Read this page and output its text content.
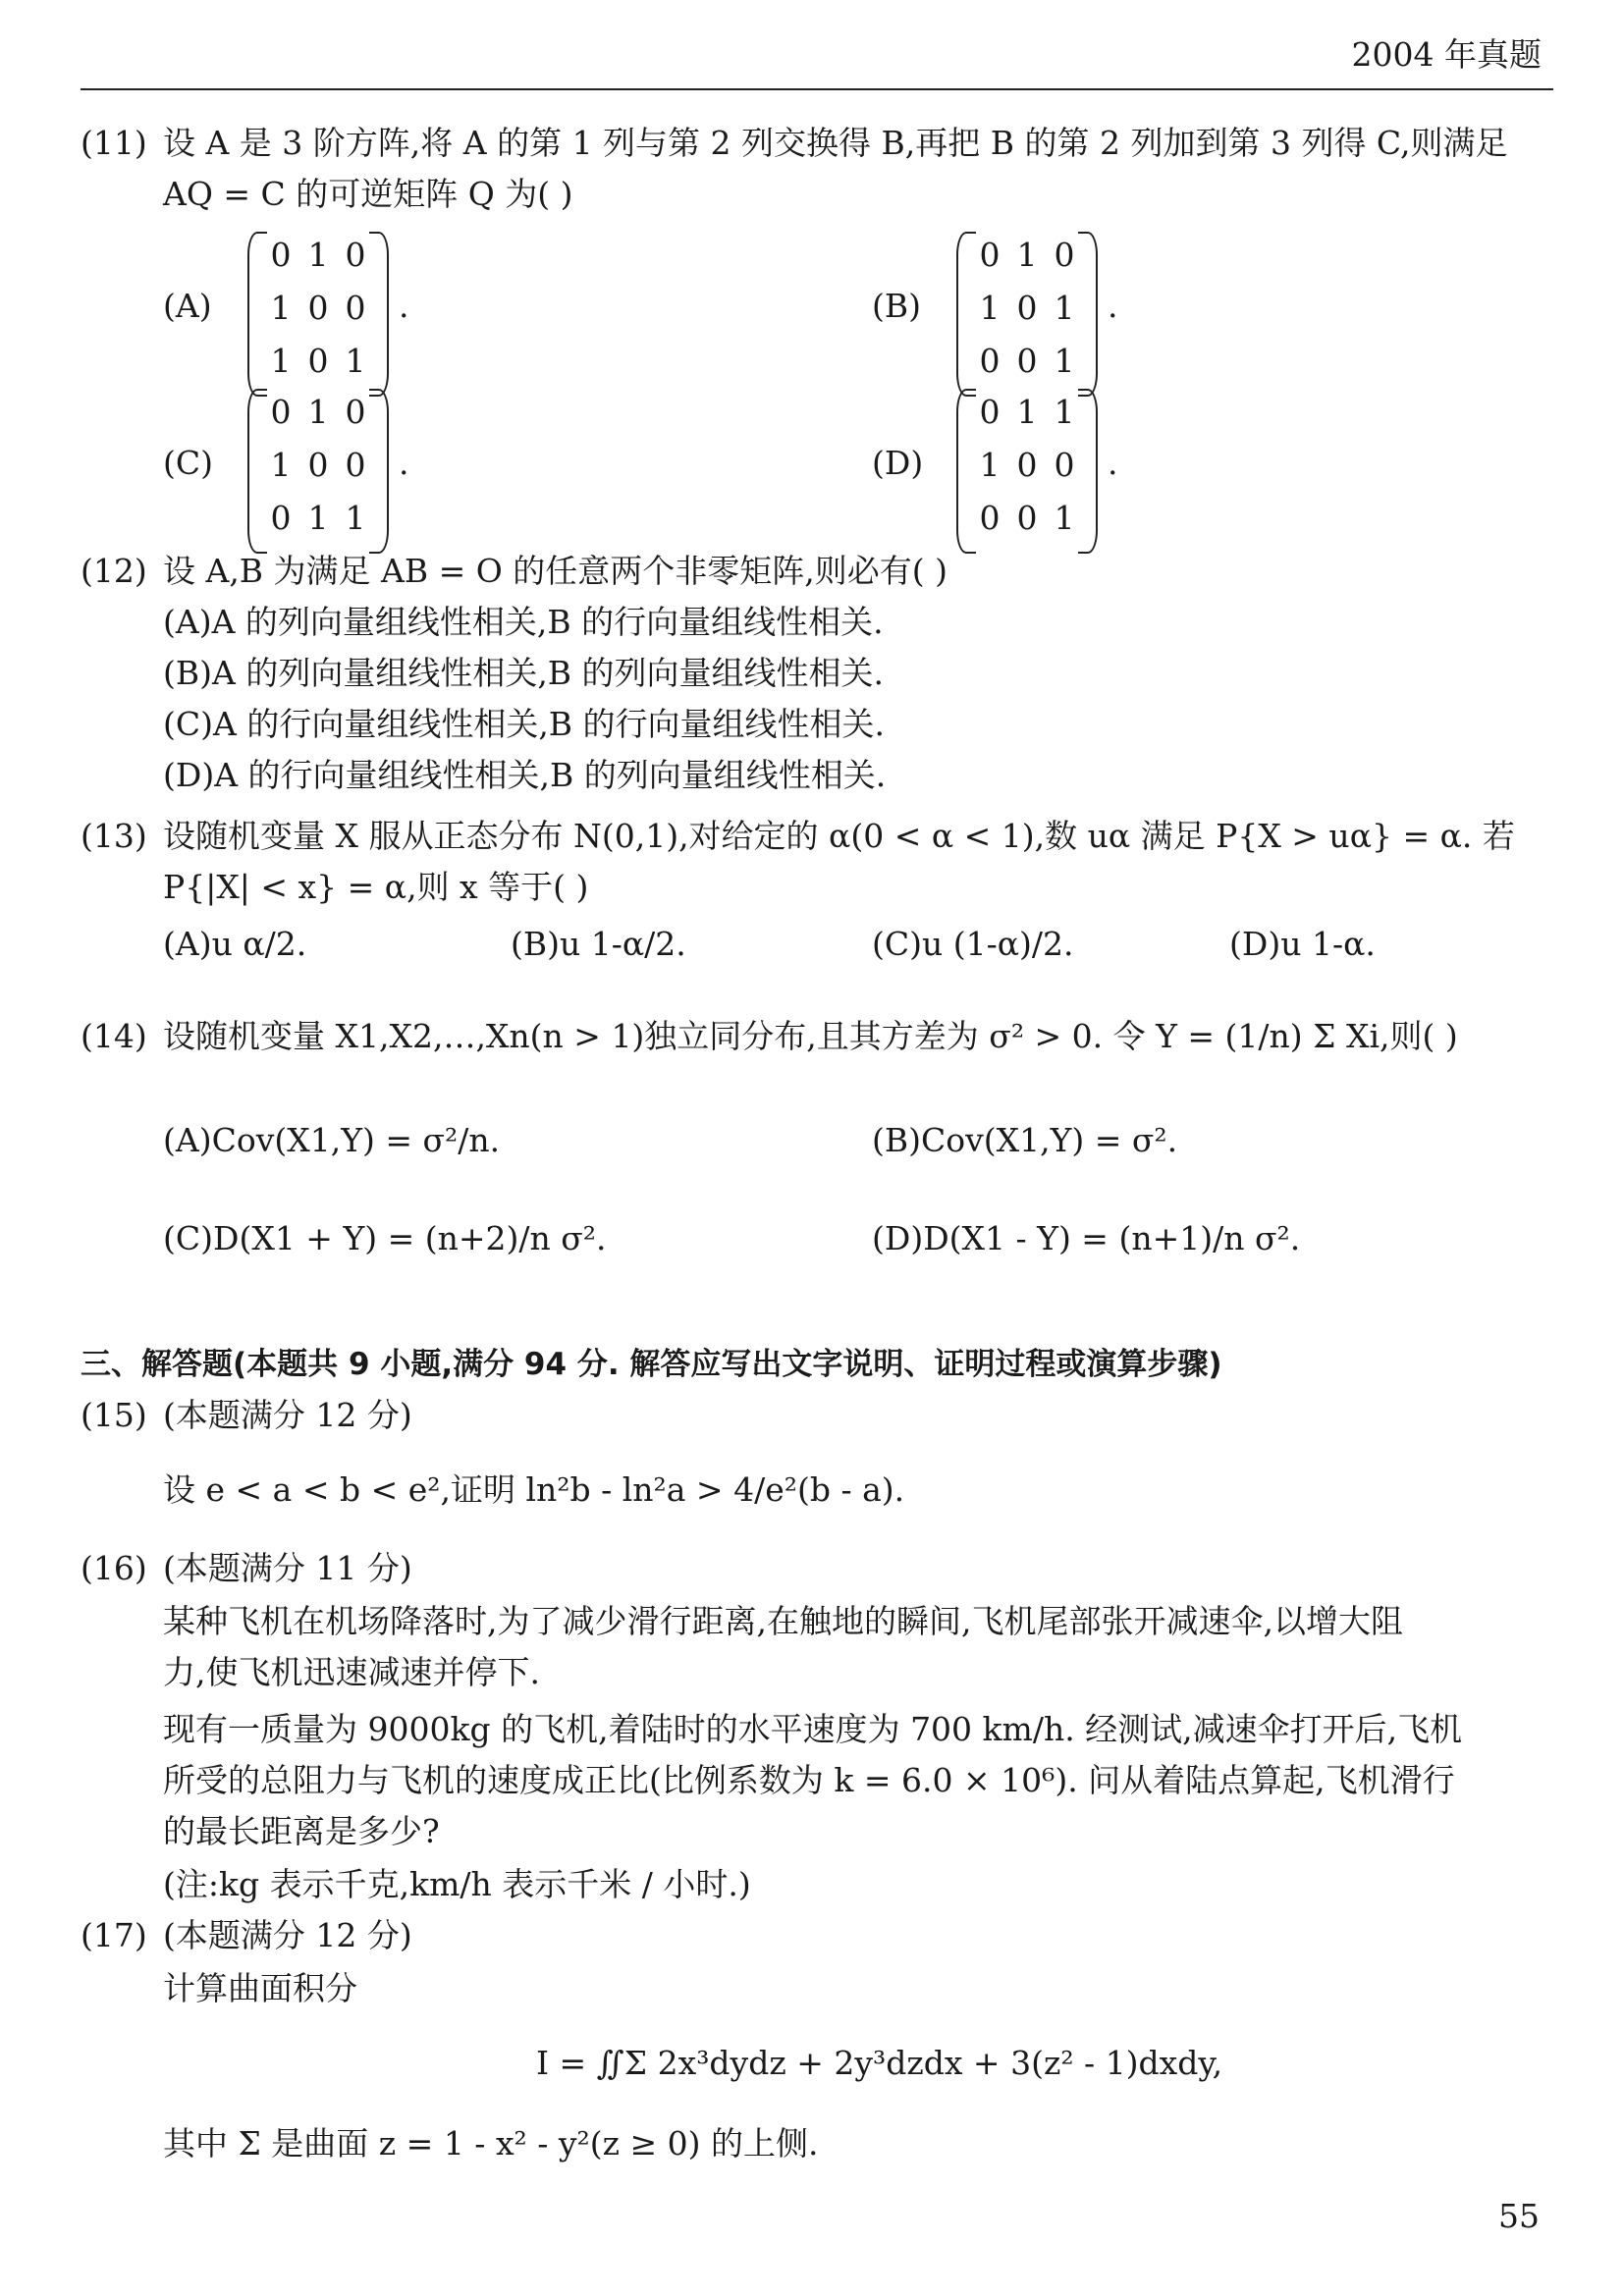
2004 年真题
(11) 设 A 是 3 阶方阵,将 A 的第 1 列与第 2 列交换得 B,再把 B 的第 2 列加到第 3 列得 C,则满足
AQ = C 的可逆矩阵 Q 为( )
(A)
0 1 0
1 0 0
1 0 1
.	(B)
0 1 0
1 0 1
0 0 1
.
(C)
0 1 0
1 0 0
0 1 1
.	(D)
0 1 1
1 0 0
0 0 1
.
(12) 设 A,B 为满足 AB = O 的任意两个非零矩阵,则必有( )
(A)A 的列向量组线性相关,B 的行向量组线性相关.
(B)A 的列向量组线性相关,B 的列向量组线性相关.
(C)A 的行向量组线性相关,B 的行向量组线性相关.
(D)A 的行向量组线性相关,B 的列向量组线性相关.
(13) 设随机变量 X 服从正态分布 N(0,1),对给定的 α(0 < α < 1),数 uα 满足 P{X > uα} = α. 若
P{|X| < x} = α,则 x 等于( )
(A)u α/2.	(B)u 1-α/2.	(C)u (1-α)/2.	(D)u 1-α.
(14) 设随机变量 X1,X2,…,Xn(n > 1)独立同分布,且其方差为 σ² > 0. 令 Y = (1/n) Σ Xi,则( )
(A)Cov(X1,Y) = σ²/n.	(B)Cov(X1,Y) = σ².
(C)D(X1 + Y) = (n+2)/n σ².	(D)D(X1 - Y) = (n+1)/n σ².
三、解答题(本题共 9 小题,满分 94 分. 解答应写出文字说明、证明过程或演算步骤)
(15) (本题满分 12 分)
设 e < a < b < e²,证明 ln²b - ln²a > 4/e²(b - a).
(16) (本题满分 11 分)
某种飞机在机场降落时,为了减少滑行距离,在触地的瞬间,飞机尾部张开减速伞,以增大阻
力,使飞机迅速减速并停下.
现有一质量为 9000kg 的飞机,着陆时的水平速度为 700 km/h. 经测试,减速伞打开后,飞机
所受的总阻力与飞机的速度成正比(比例系数为 k = 6.0 × 10⁶). 问从着陆点算起,飞机滑行
的最长距离是多少?
(注:kg 表示千克,km/h 表示千米 / 小时.)
(17) (本题满分 12 分)
计算曲面积分
I = ∬Σ 2x³dydz + 2y³dzdx + 3(z² - 1)dxdy,
其中 Σ 是曲面 z = 1 - x² - y²(z ≥ 0) 的上侧.
55
